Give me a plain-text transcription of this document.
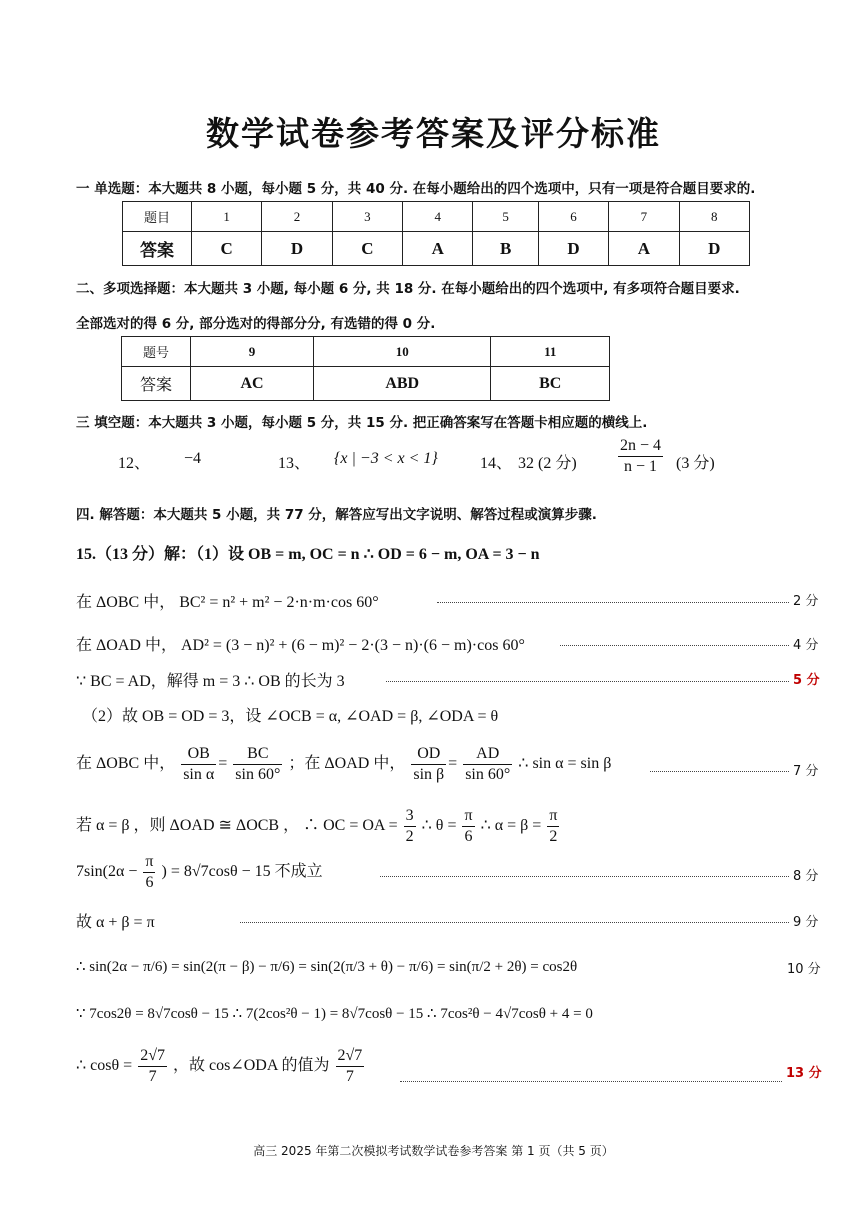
数学试卷参考答案及评分标准
一 单选题：本大题共 8 小题，每小题 5 分，共 40 分. 在每小题给出的四个选项中，只有一项是符合题目要求的.
题目	1	2	3	4	5	6	7	8
答案	C	D	C	A	B	D	A	D
二、多项选择题：本大题共 3 小题, 每小题 6 分, 共 18 分. 在每小题给出的四个选项中, 有多项符合题目要求.
全部选对的得 6 分, 部分选对的得部分分, 有选错的得 0 分.
题号	9	10	11
答案	AC	ABD	BC
三 填空题：本大题共 3 小题，每小题 5 分，共 15 分. 把正确答案写在答题卡相应题的横线上.
12、 −4	13、 {x | −3 < x < 1}	14、 32 (2 分)	$\frac{2n - 4}{n - 1} (3$ 分)
四. 解答题：本大题共 5 小题，共 77 分，解答应写出文字说明、解答过程或演算步骤.
15.（13 分）解：（1）设 OB = m, OC = n ∴ OD = 6 − m, OA = 3 − n
在 ΔOBC 中， BC² = n² + m² − 2·n·m·cos 60°	2 分
在 ΔOAD 中， AD² = (3 − n)² + (6 − m)² − 2·(3 − n)·(6 − m)·cos 60°	4 分
∵ BC = AD，解得 m = 3 ∴ OB 的长为 3	5 分
（2）故 OB = OD = 3，设 ∠OCB = α, ∠OAD = β, ∠ODA = θ
在 ΔOBC 中， $\frac{OB}{\text{sin α}} = \frac{BC}{\sin 60^\circ}$ ；在 ΔOAD 中， $\frac{OD}{\text{sin β}} = \frac{AD}{\sin 60^\circ}$ ∴ sin α = sin β	7 分
若 α = β ，则 ΔOAD ≅ ΔOCB ， ∴ OC = OA = $\frac{3}{2}$ ∴ $\theta = \frac{\pi}{6}$ ∴ $\alpha = \beta = \frac{\pi}{2}$
$7\sin(2\alpha - \frac{\pi}{6}$ ) = 8√7cosθ − 15 不成立	8 分
故 α + β = π	9 分
∴ sin(2α − π/6) = sin(2(π − β) − π/6) = sin(2(π/3 + θ) − π/6) = sin(π/2 + 2θ) = cos2θ	10 分
∵ 7cos2θ = 8√7cosθ − 15 ∴ 7(2cos²θ − 1) = 8√7cosθ − 15 ∴ 7cos²θ − 4√7cosθ + 4 = 0
∴ $\cos\theta = \frac{2√7}{7}$ ，故 cos∠ODA 的值为 $\frac{2√7}{7}$	13 分
高三 2025 年第二次模拟考试数学试卷参考答案 第 1 页（共 5 页）
